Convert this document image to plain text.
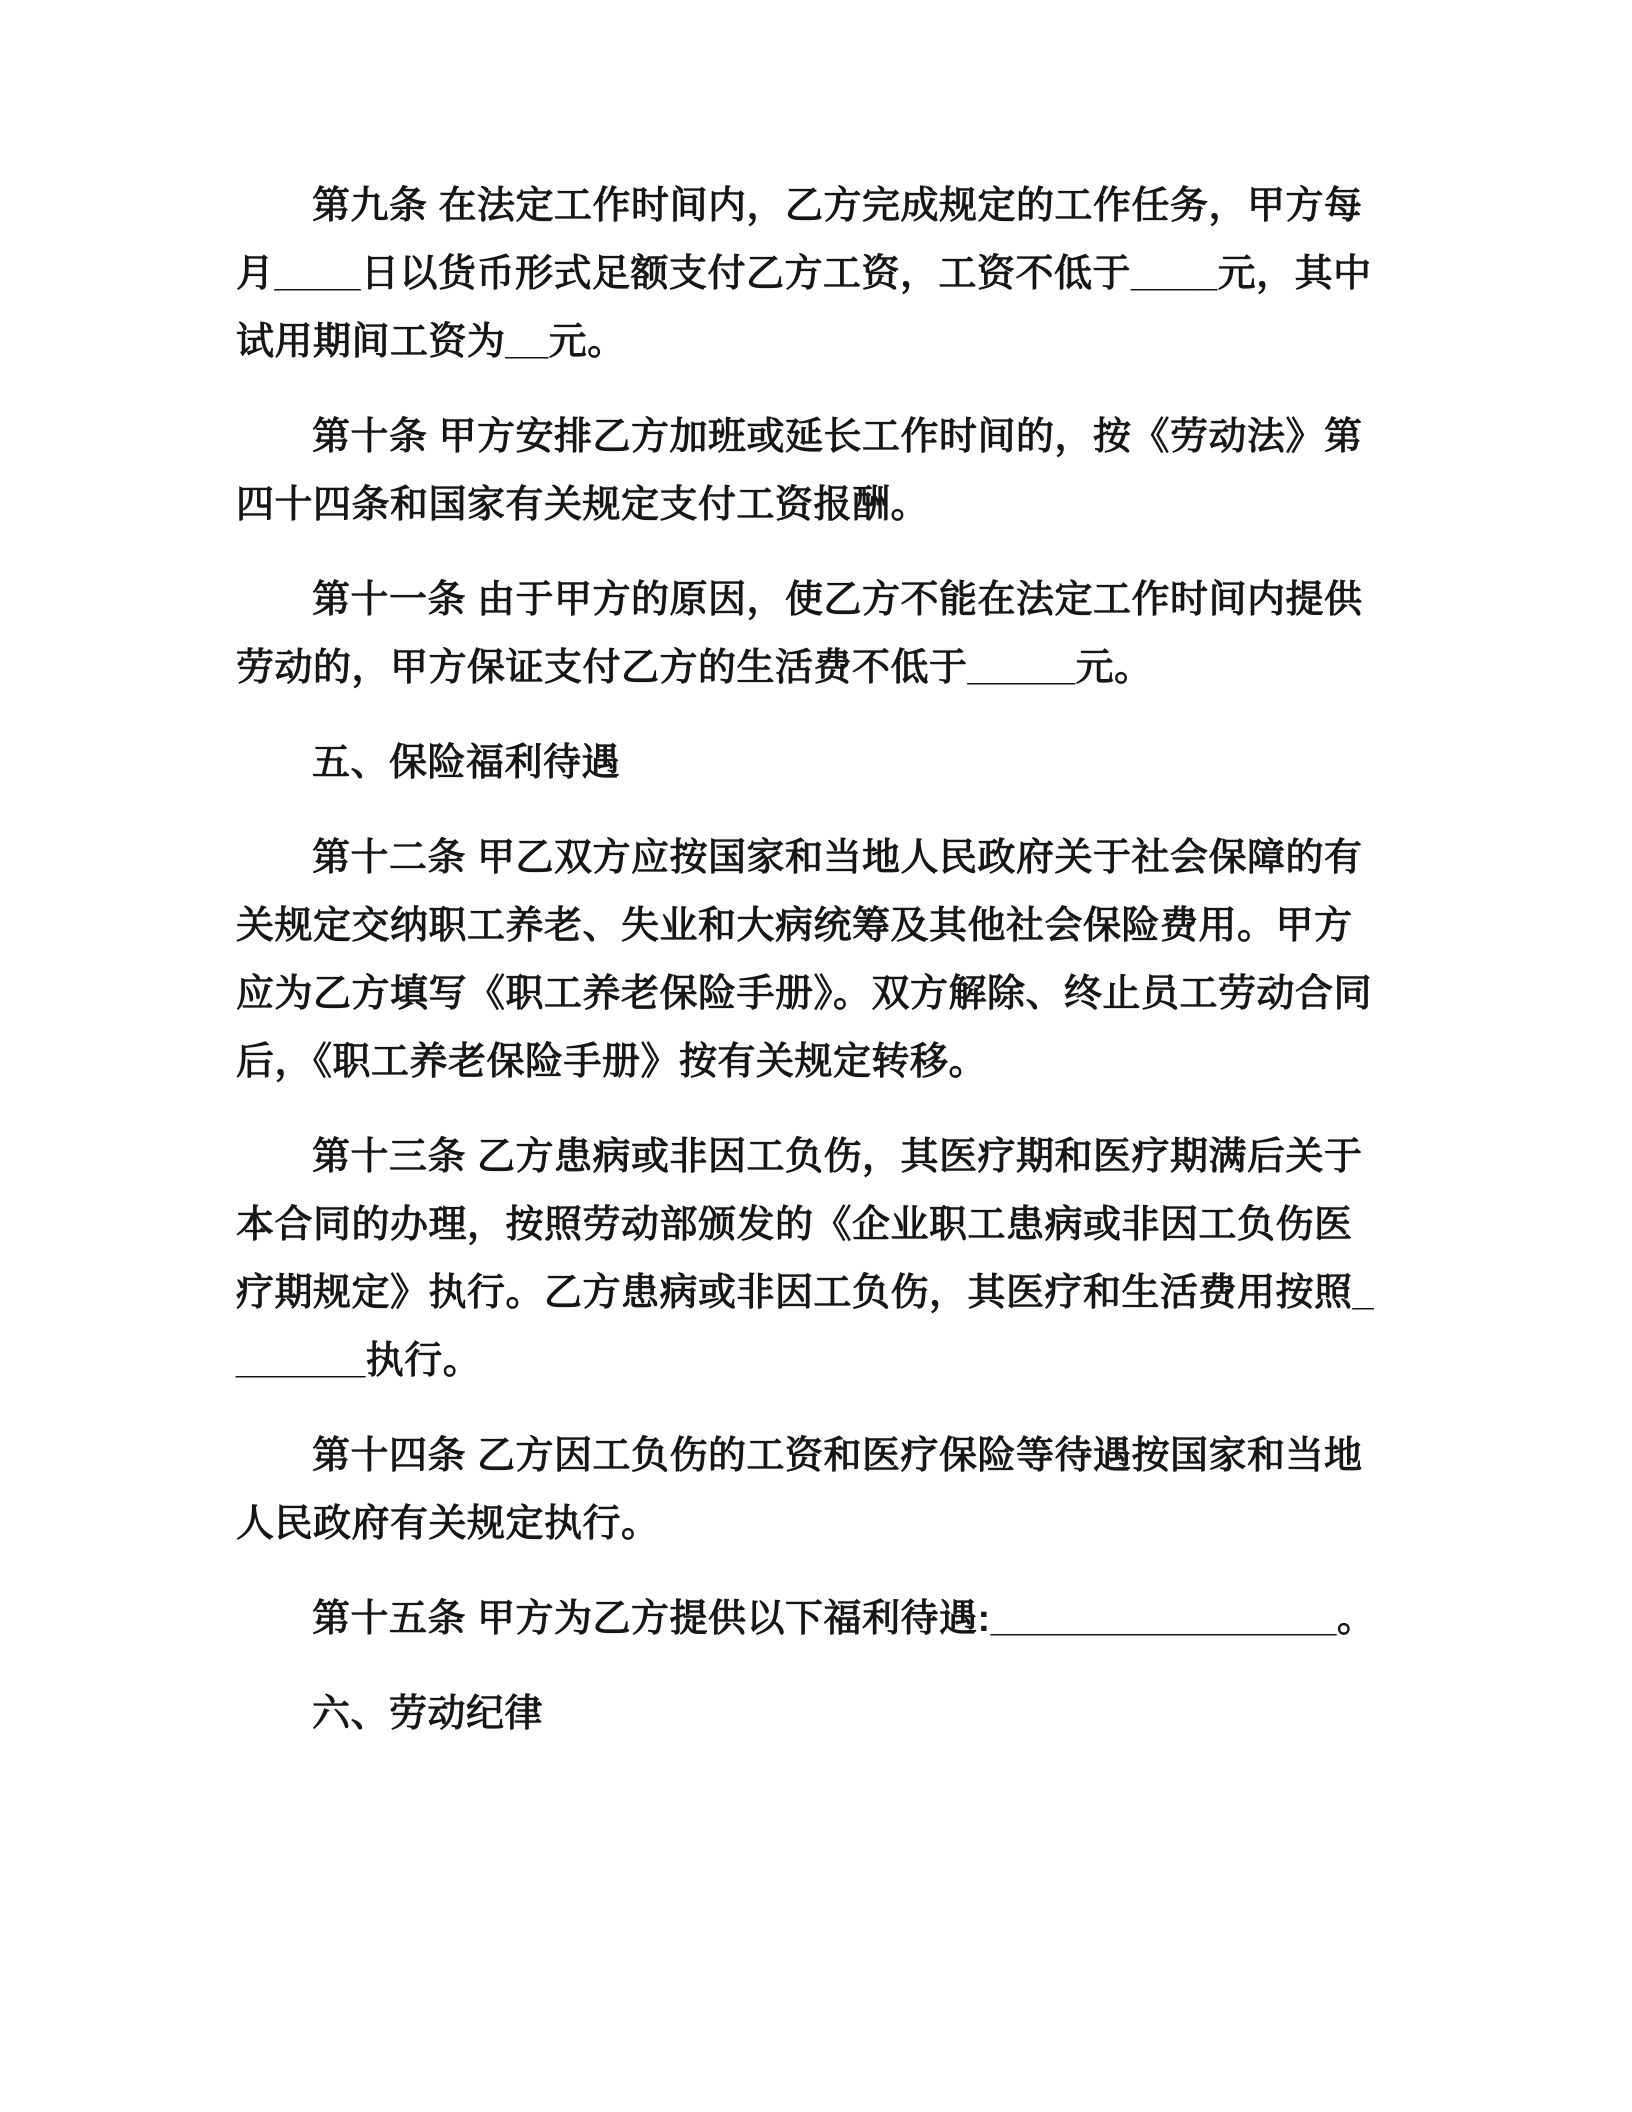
第九条 在法定工作时间内，乙方完成规定的工作任务，甲方每月____日以货币形式足额支付乙方工资，工资不低于____元，其中试用期间工资为__元。

第十条 甲方安排乙方加班或延长工作时间的，按《劳动法》第四十四条和国家有关规定支付工资报酬。

第十一条 由于甲方的原因，使乙方不能在法定工作时间内提供劳动的，甲方保证支付乙方的生活费不低于_____元。

五、保险福利待遇

第十二条 甲乙双方应按国家和当地人民政府关于社会保障的有关规定交纳职工养老、失业和大病统筹及其他社会保险费用。甲方应为乙方填写《职工养老保险手册》。双方解除、终止员工劳动合同后，《职工养老保险手册》按有关规定转移。

第十三条 乙方患病或非因工负伤，其医疗期和医疗期满后关于本合同的办理，按照劳动部颁发的《企业职工患病或非因工负伤医疗期规定》执行。乙方患病或非因工负伤，其医疗和生活费用按照_______执行。

第十四条 乙方因工负伤的工资和医疗保险等待遇按国家和当地人民政府有关规定执行。

第十五条 甲方为乙方提供以下福利待遇:________________。

六、劳动纪律
